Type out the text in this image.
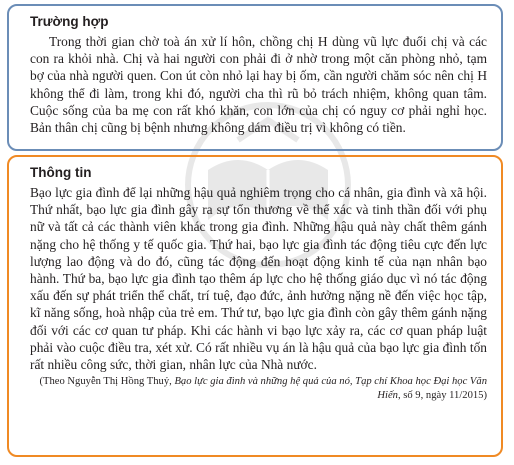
Trường hợp

Trong thời gian chờ toà án xử lí hôn, chồng chị H dùng vũ lực đuổi chị và các con ra khỏi nhà. Chị và hai người con phải đi ở nhờ trong một căn phòng nhỏ, tạm bợ của nhà người quen. Con út còn nhỏ lại hay bị ốm, cần người chăm sóc nên chị H không thể đi làm, trong khi đó, người cha thì rũ bỏ trách nhiệm, không quan tâm. Cuộc sống của ba mẹ con rất khó khăn, con lớn của chị có nguy cơ phải nghỉ học. Bản thân chị cũng bị bệnh nhưng không dám điều trị vì không có tiền.

Thông tin

Bạo lực gia đình để lại những hậu quả nghiêm trọng cho cá nhân, gia đình và xã hội. Thứ nhất, bạo lực gia đình gây ra sự tổn thương về thể xác và tinh thần đối với phụ nữ và tất cả các thành viên khác trong gia đình. Những hậu quả này chất thêm gánh nặng cho hệ thống y tế quốc gia. Thứ hai, bạo lực gia đình tác động tiêu cực đến lực lượng lao động và do đó, cũng tác động đến hoạt động kinh tế của nạn nhân bạo hành. Thứ ba, bạo lực gia đình tạo thêm áp lực cho hệ thống giáo dục vì nó tác động xấu đến sự phát triển thể chất, trí tuệ, đạo đức, ảnh hưởng nặng nề đến việc học tập, kĩ năng sống, hoà nhập của trẻ em. Thứ tư, bạo lực gia đình còn gây thêm gánh nặng đối với các cơ quan tư pháp. Khi các hành vi bạo lực xảy ra, các cơ quan pháp luật phải vào cuộc điều tra, xét xử. Có rất nhiều vụ án là hậu quả của bạo lực gia đình tốn rất nhiều công sức, thời gian, nhân lực của Nhà nước.

(Theo Nguyễn Thị Hồng Thuỷ, Bạo lực gia đình và những hệ quả của nó, Tạp chí Khoa học Đại học Văn Hiến, số 9, ngày 11/2015)
